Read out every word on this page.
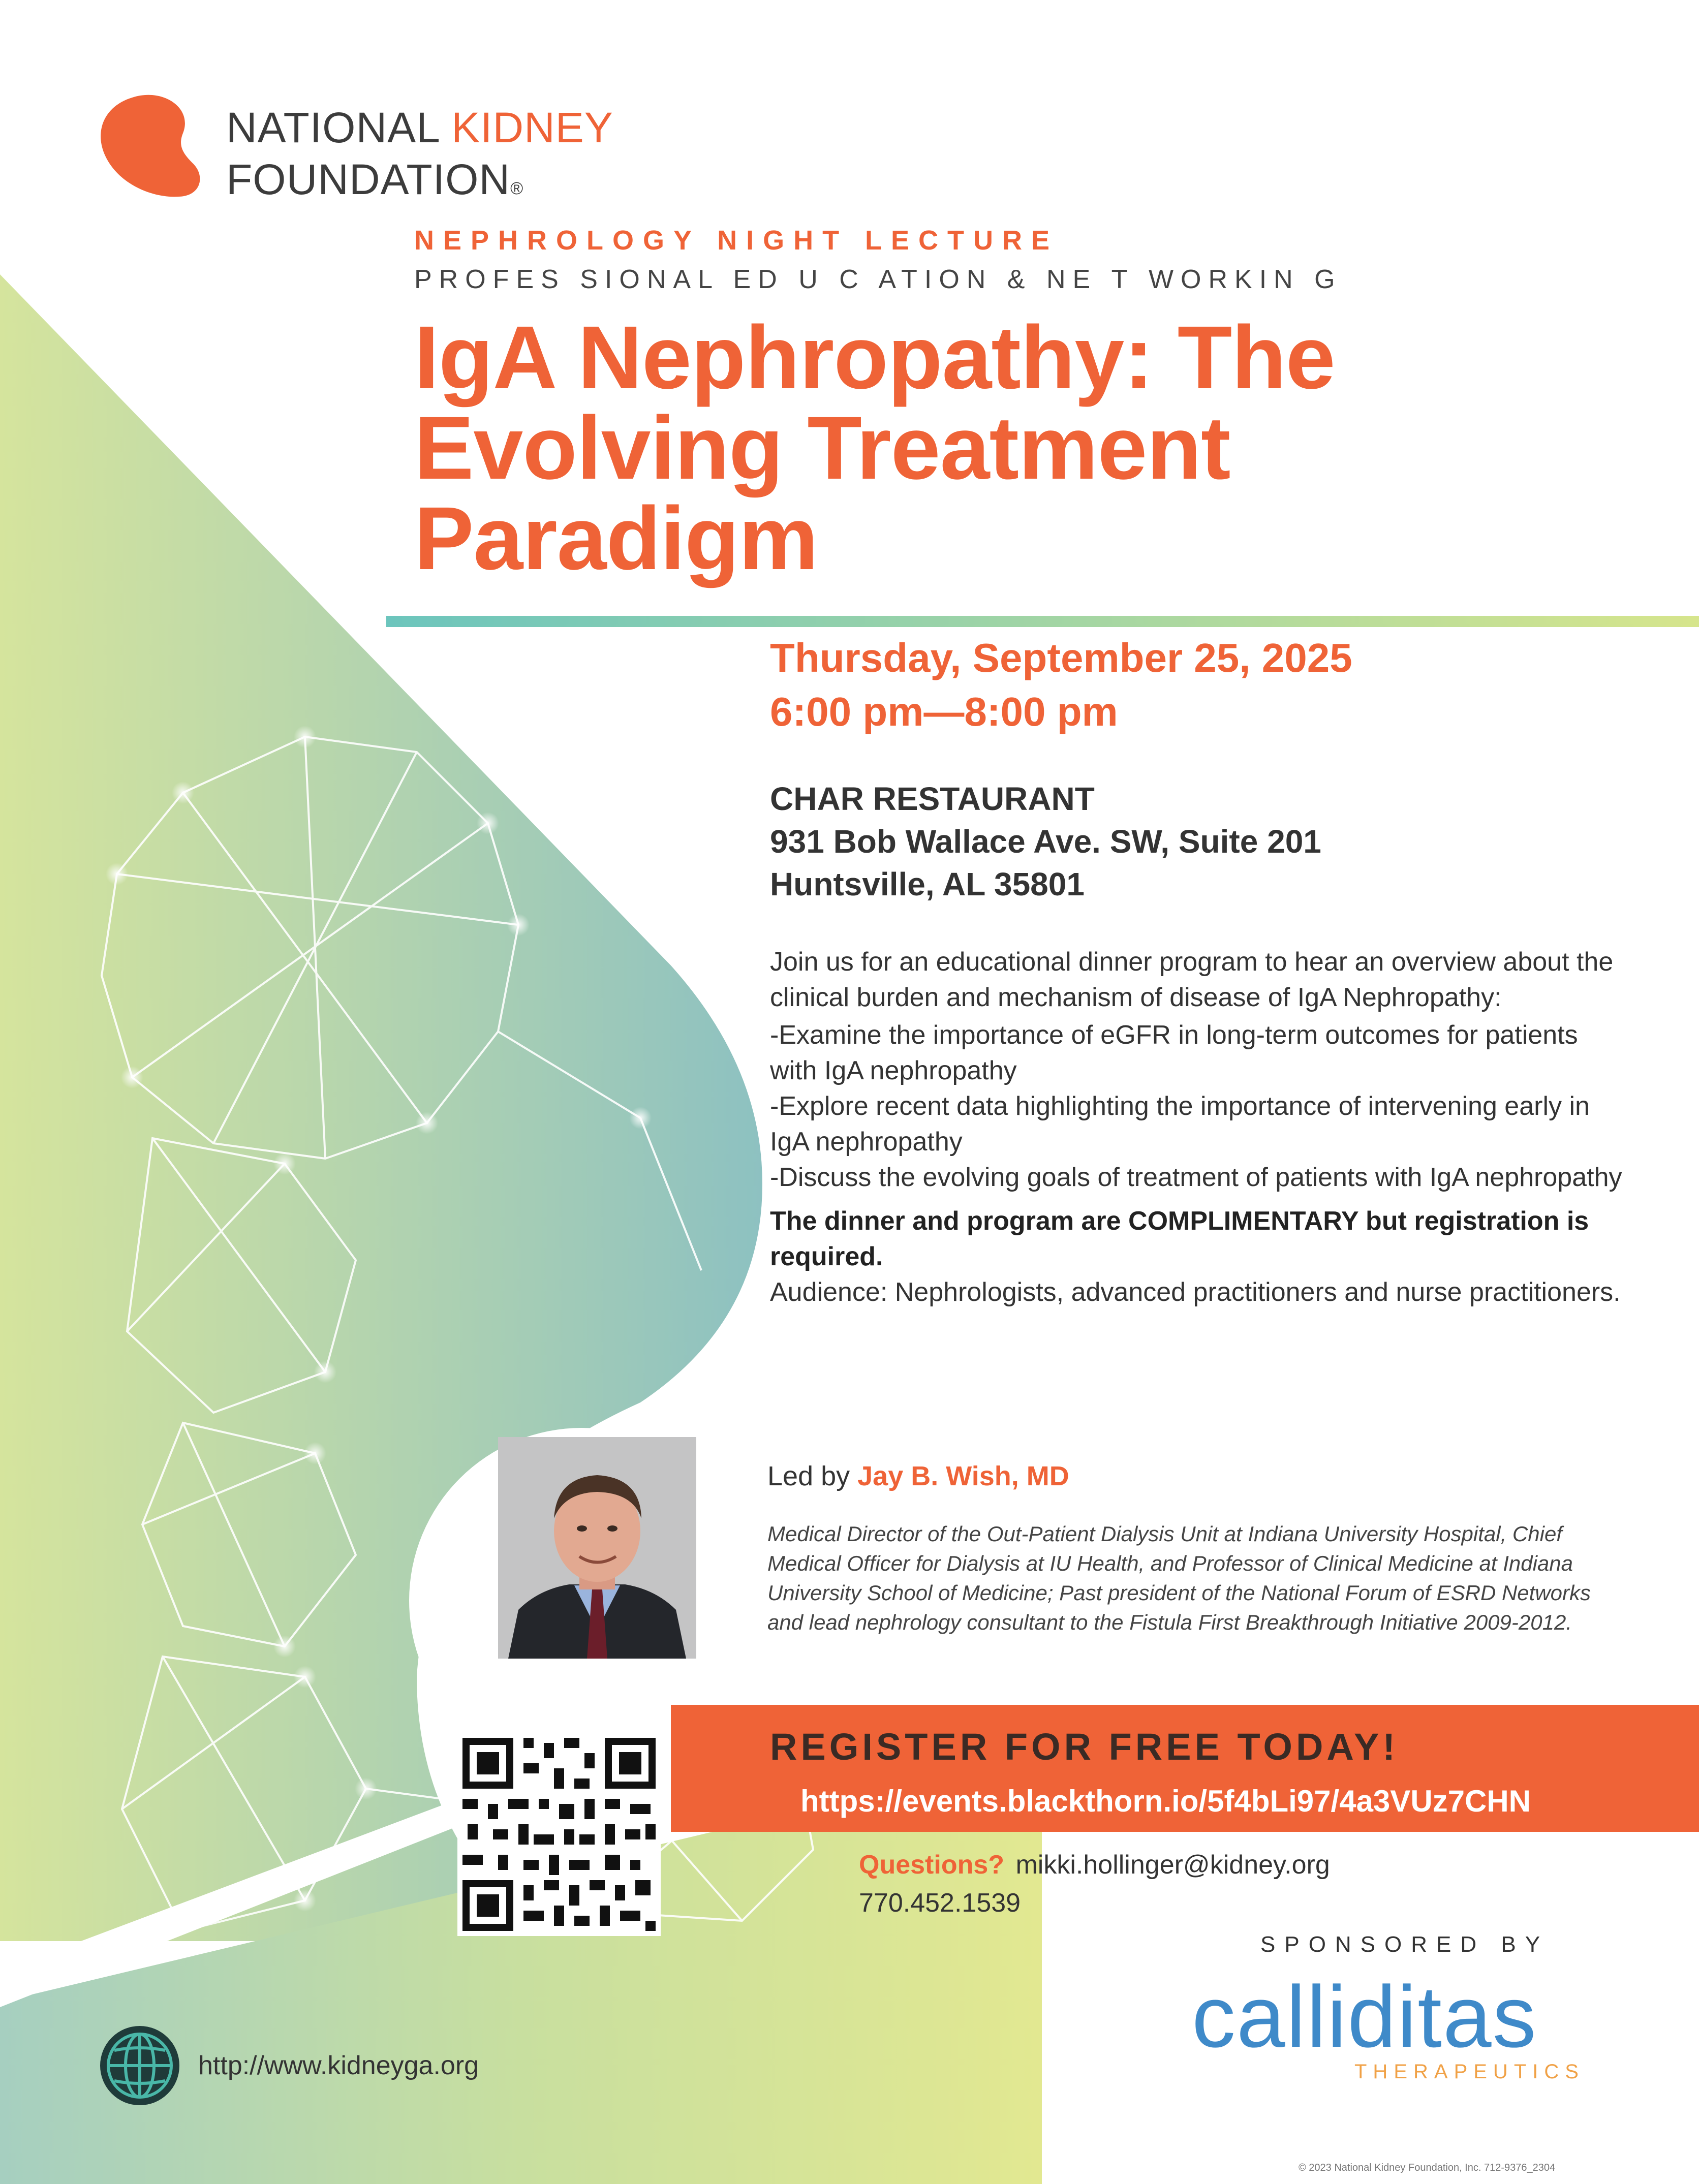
NATIONAL KIDNEY
FOUNDATION®
NEPHROLOGY NIGHT LECTURE
PROFES SIONAL ED U C ATION & NE T WORKIN G
IgA Nephropathy: The
Evolving Treatment
Paradigm
Thursday, September 25, 2025
6:00 pm—8:00 pm
CHAR RESTAURANT
931 Bob Wallace Ave. SW, Suite 201
Huntsville, AL 35801
Join us for an educational dinner program to hear an overview about the clinical burden and mechanism of disease of IgA Nephropathy:
-Examine the importance of eGFR in long-term outcomes for patients with IgA nephropathy
-Explore recent data highlighting the importance of intervening early in IgA nephropathy
-Discuss the evolving goals of treatment of patients with IgA nephropathy
The dinner and program are COMPLIMENTARY but registration is required.
Audience: Nephrologists, advanced practitioners and nurse practitioners.
Led by Jay B. Wish, MD
Medical Director of the Out-Patient Dialysis Unit at Indiana University Hospital, Chief Medical Officer for Dialysis at IU Health, and Professor of Clinical Medicine at Indiana University School of Medicine; Past president of the National Forum of ESRD Networks and lead nephrology consultant to the Fistula First Breakthrough Initiative 2009-2012.
REGISTER FOR FREE TODAY!
https://events.blackthorn.io/5f4bLi97/4a3VUz7CHN
Questions? mikki.hollinger@kidney.org
770.452.1539
SPONSORED BY
calliditas
THERAPEUTICS
http://www.kidneyga.org
© 2023 National Kidney Foundation, Inc. 712-9376_2304
